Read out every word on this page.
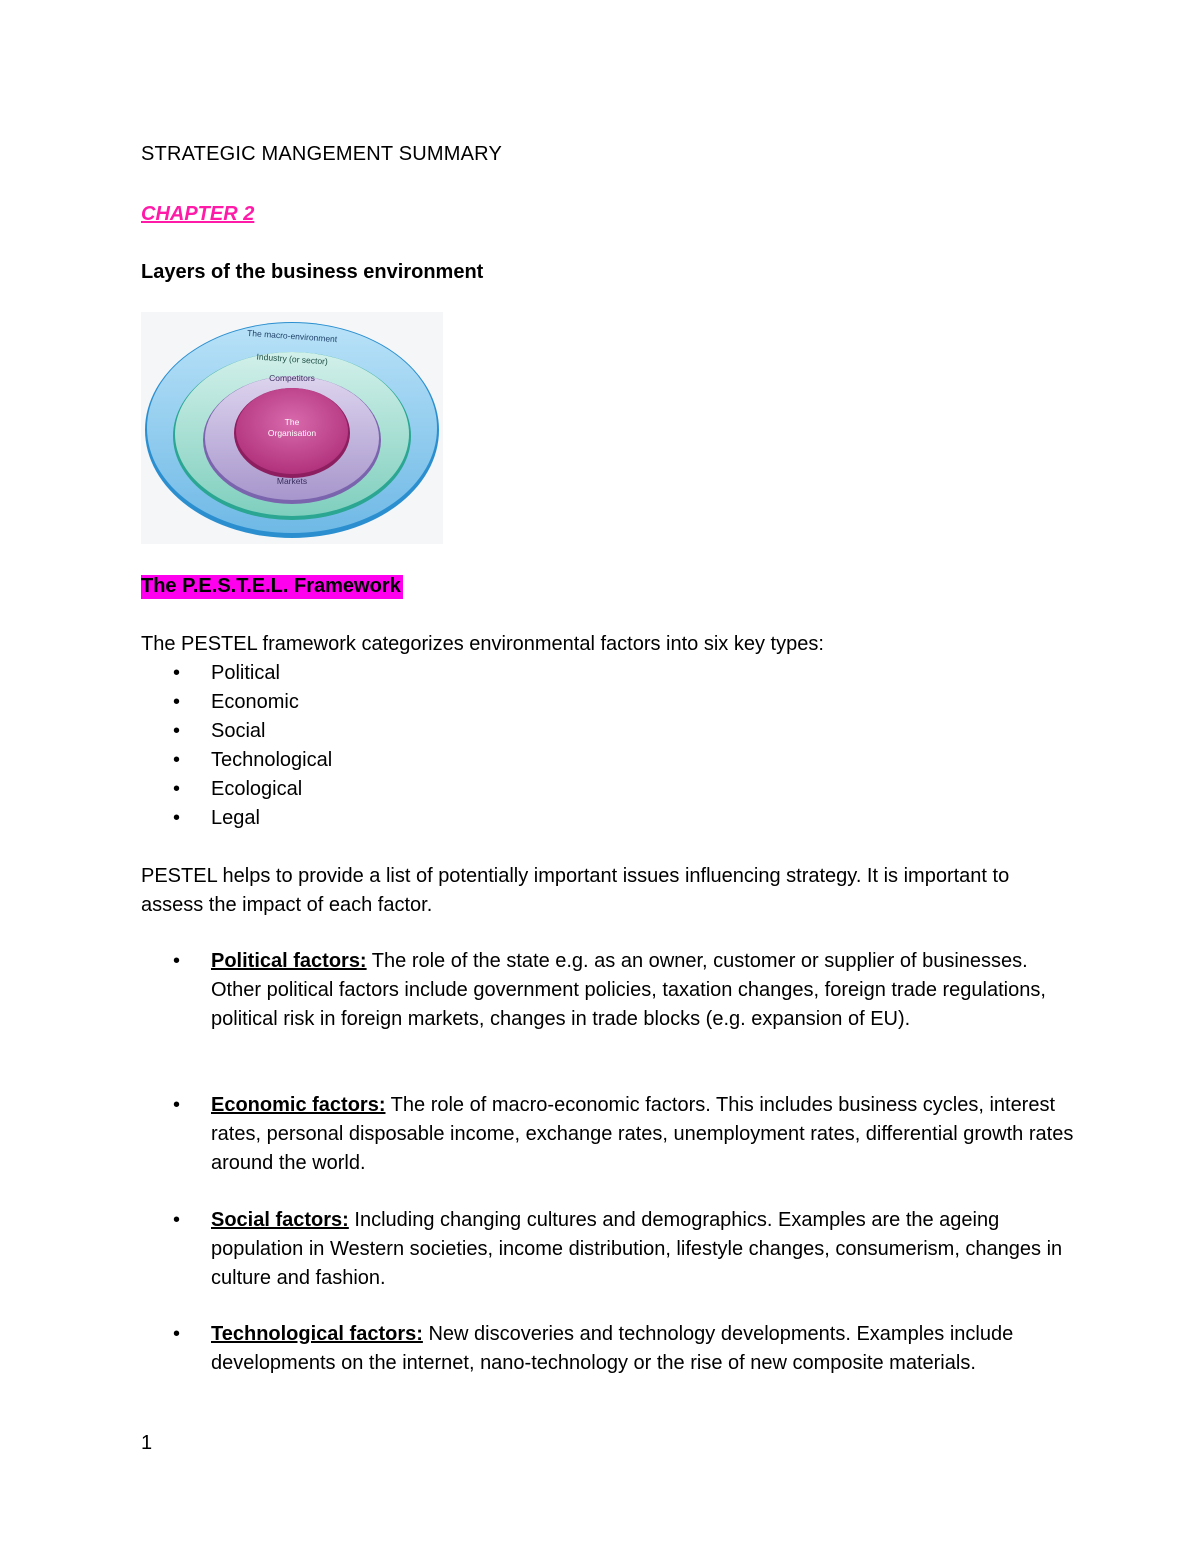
STRATEGIC MANGEMENT SUMMARY
CHAPTER 2
Layers of the business environment
The macro-environment
Industry (or sector)
Competitors
Markets
The Organisation
The P.E.S.T.E.L. Framework
The PESTEL framework categorizes environmental factors into six key types:
• Political
• Economic
• Social
• Technological
• Ecological
• Legal
PESTEL helps to provide a list of potentially important issues influencing strategy. It is important to assess the impact of each factor.
• Political factors: The role of the state e.g. as an owner, customer or supplier of businesses. Other political factors include government policies, taxation changes, foreign trade regulations, political risk in foreign markets, changes in trade blocks (e.g. expansion of EU).
• Economic factors: The role of macro-economic factors. This includes business cycles, interest rates, personal disposable income, exchange rates, unemployment rates, differential growth rates around the world.
• Social factors: Including changing cultures and demographics. Examples are the ageing population in Western societies, income distribution, lifestyle changes, consumerism, changes in culture and fashion.
• Technological factors: New discoveries and technology developments. Examples include developments on the internet, nano-technology or the rise of new composite materials.
1
